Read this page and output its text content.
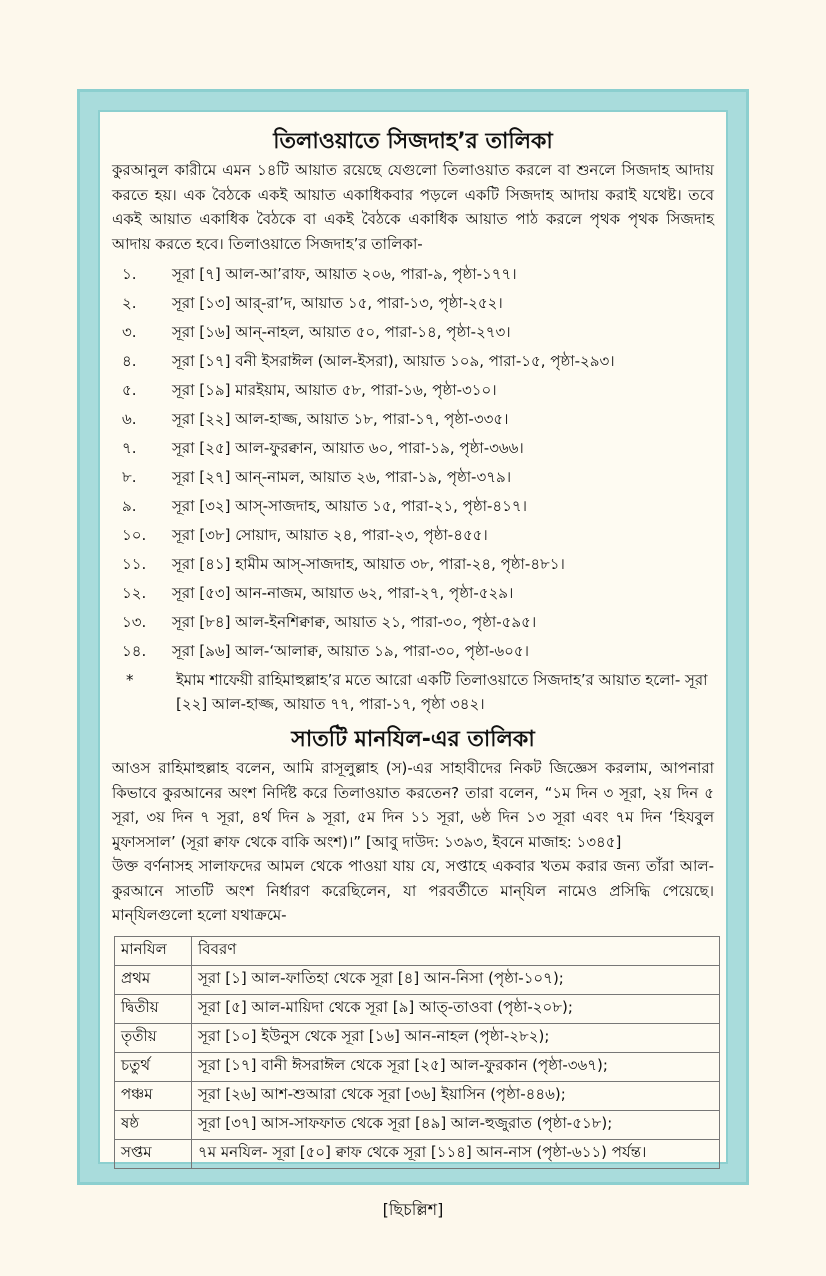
তিলাওয়াতে সিজদাহ’র তালিকা

কুরআনুল কারীমে এমন ১৪টি আয়াত রয়েছে যেগুলো তিলাওয়াত করলে বা শুনলে সিজদাহ আদায় করতে হয়। এক বৈঠকে একই আয়াত একাধিকবার পড়লে একটি সিজদাহ আদায় করাই যথেষ্ট। তবে একই আয়াত একাধিক বৈঠকে বা একই বৈঠকে একাধিক আয়াত পাঠ করলে পৃথক পৃথক সিজদাহ আদায় করতে হবে। তিলাওয়াতে সিজদাহ’র তালিকা-

১.	সূরা [৭] আল-আ’রাফ, আয়াত ২০৬, পারা-৯, পৃষ্ঠা-১৭৭।
২.	সূরা [১৩] আর্-রা’দ, আয়াত ১৫, পারা-১৩, পৃষ্ঠা-২৫২।
৩.	সূরা [১৬] আন্-নাহল, আয়াত ৫০, পারা-১৪, পৃষ্ঠা-২৭৩।
৪.	সূরা [১৭] বনী ইসরাঈল (আল-ইসরা), আয়াত ১০৯, পারা-১৫, পৃষ্ঠা-২৯৩।
৫.	সূরা [১৯] মারইয়াম, আয়াত ৫৮, পারা-১৬, পৃষ্ঠা-৩১০।
৬.	সূরা [২২] আল-হাজ্জ, আয়াত ১৮, পারা-১৭, পৃষ্ঠা-৩৩৫।
৭.	সূরা [২৫] আল-ফুরক্বান, আয়াত ৬০, পারা-১৯, পৃষ্ঠা-৩৬৬।
৮.	সূরা [২৭] আন্-নামল, আয়াত ২৬, পারা-১৯, পৃষ্ঠা-৩৭৯।
৯.	সূরা [৩২] আস্-সাজদাহ, আয়াত ১৫, পারা-২১, পৃষ্ঠা-৪১৭।
১০.	সূরা [৩৮] সোয়াদ, আয়াত ২৪, পারা-২৩, পৃষ্ঠা-৪৫৫।
১১.	সূরা [৪১] হামীম আস্-সাজদাহ, আয়াত ৩৮, পারা-২৪, পৃষ্ঠা-৪৮১।
১২.	সূরা [৫৩] আন-নাজম, আয়াত ৬২, পারা-২৭, পৃষ্ঠা-৫২৯।
১৩.	সূরা [৮৪] আল-ইনশিক্বাক্ব, আয়াত ২১, পারা-৩০, পৃষ্ঠা-৫৯৫।
১৪.	সূরা [৯৬] আল-‘আলাক্ব, আয়াত ১৯, পারা-৩০, পৃষ্ঠা-৬০৫।
*	ইমাম শাফেয়ী রাহিমাহুল্লাহ’র মতে আরো একটি তিলাওয়াতে সিজদাহ’র আয়াত হলো- সূরা [২২] আল-হাজ্জ, আয়াত ৭৭, পারা-১৭, পৃষ্ঠা ৩৪২।
সাতটি মানযিল-এর তালিকা

আওস রাহিমাহুল্লাহ বলেন, আমি রাসূলুল্লাহ (স)-এর সাহাবীদের নিকট জিজ্ঞেস করলাম, আপনারা কিভাবে কুরআনের অংশ নির্দিষ্ট করে তিলাওয়াত করতেন? তারা বলেন, “১ম দিন ৩ সূরা, ২য় দিন ৫ সূরা, ৩য় দিন ৭ সূরা, ৪র্থ দিন ৯ সূরা, ৫ম দিন ১১ সূরা, ৬ষ্ঠ দিন ১৩ সূরা এবং ৭ম দিন ‘হিযবুল মুফাসসাল’ (সূরা ক্বাফ থেকে বাকি অংশ)।” [আবু দাউদ: ১৩৯৩, ইবনে মাজাহ: ১৩৪৫]

উক্ত বর্ণনাসহ সালাফদের আমল থেকে পাওয়া যায় যে, সপ্তাহে একবার খতম করার জন্য তাঁরা আল-কুরআনে সাতটি অংশ নির্ধারণ করেছিলেন, যা পরবর্তীতে মান্‌যিল নামেও প্রসিদ্ধি পেয়েছে। মান্‌যিলগুলো হলো যথাক্রমে-

মানযিল	বিবরণ
প্রথম	সূরা [১] আল-ফাতিহা থেকে সূরা [৪] আন-নিসা (পৃষ্ঠা-১০৭);
দ্বিতীয়	সূরা [৫] আল-মায়িদা থেকে সূরা [৯] আত্-তাওবা (পৃষ্ঠা-২০৮);
তৃতীয়	সূরা [১০] ইউনুস থেকে সূরা [১৬] আন-নাহল (পৃষ্ঠা-২৮২);
চতুর্থ	সূরা [১৭] বানী ঈসরাঈল থেকে সূরা [২৫] আল-ফুরকান (পৃষ্ঠা-৩৬৭);
পঞ্চম	সূরা [২৬] আশ-শুআরা থেকে সূরা [৩৬] ইয়াসিন (পৃষ্ঠা-৪৪৬);
ষষ্ঠ	সূরা [৩৭] আস-সাফফাত থেকে সূরা [৪৯] আল-হুজুরাত (পৃষ্ঠা-৫১৮);
সপ্তম	৭ম মনযিল- সূরা [৫০] ক্বাফ থেকে সূরা [১১৪] আন-নাস (পৃষ্ঠা-৬১১) পর্যন্ত।
[ছিচল্লিশ]
